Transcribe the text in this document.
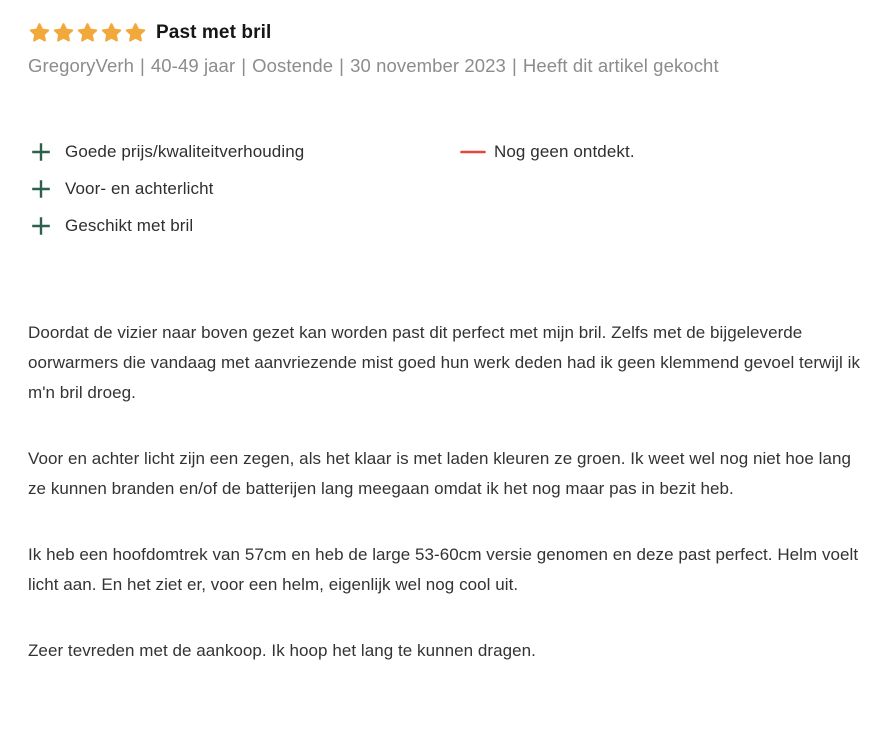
Past met bril
GregoryVerh | 40-49 jaar | Oostende | 30 november 2023 | Heeft dit artikel gekocht
Goede prijs/kwaliteitverhouding
Voor- en achterlicht
Geschikt met bril
Nog geen ontdekt.

Doordat de vizier naar boven gezet kan worden past dit perfect met mijn bril. Zelfs met de bijgeleverde oorwarmers die vandaag met aanvriezende mist goed hun werk deden had ik geen klemmend gevoel terwijl ik m'n bril droeg.

Voor en achter licht zijn een zegen, als het klaar is met laden kleuren ze groen. Ik weet wel nog niet hoe lang ze kunnen branden en/of de batterijen lang meegaan omdat ik het nog maar pas in bezit heb.

Ik heb een hoofdomtrek van 57cm en heb de large 53-60cm versie genomen en deze past perfect. Helm voelt licht aan. En het ziet er, voor een helm, eigenlijk wel nog cool uit.

Zeer tevreden met de aankoop. Ik hoop het lang te kunnen dragen.
